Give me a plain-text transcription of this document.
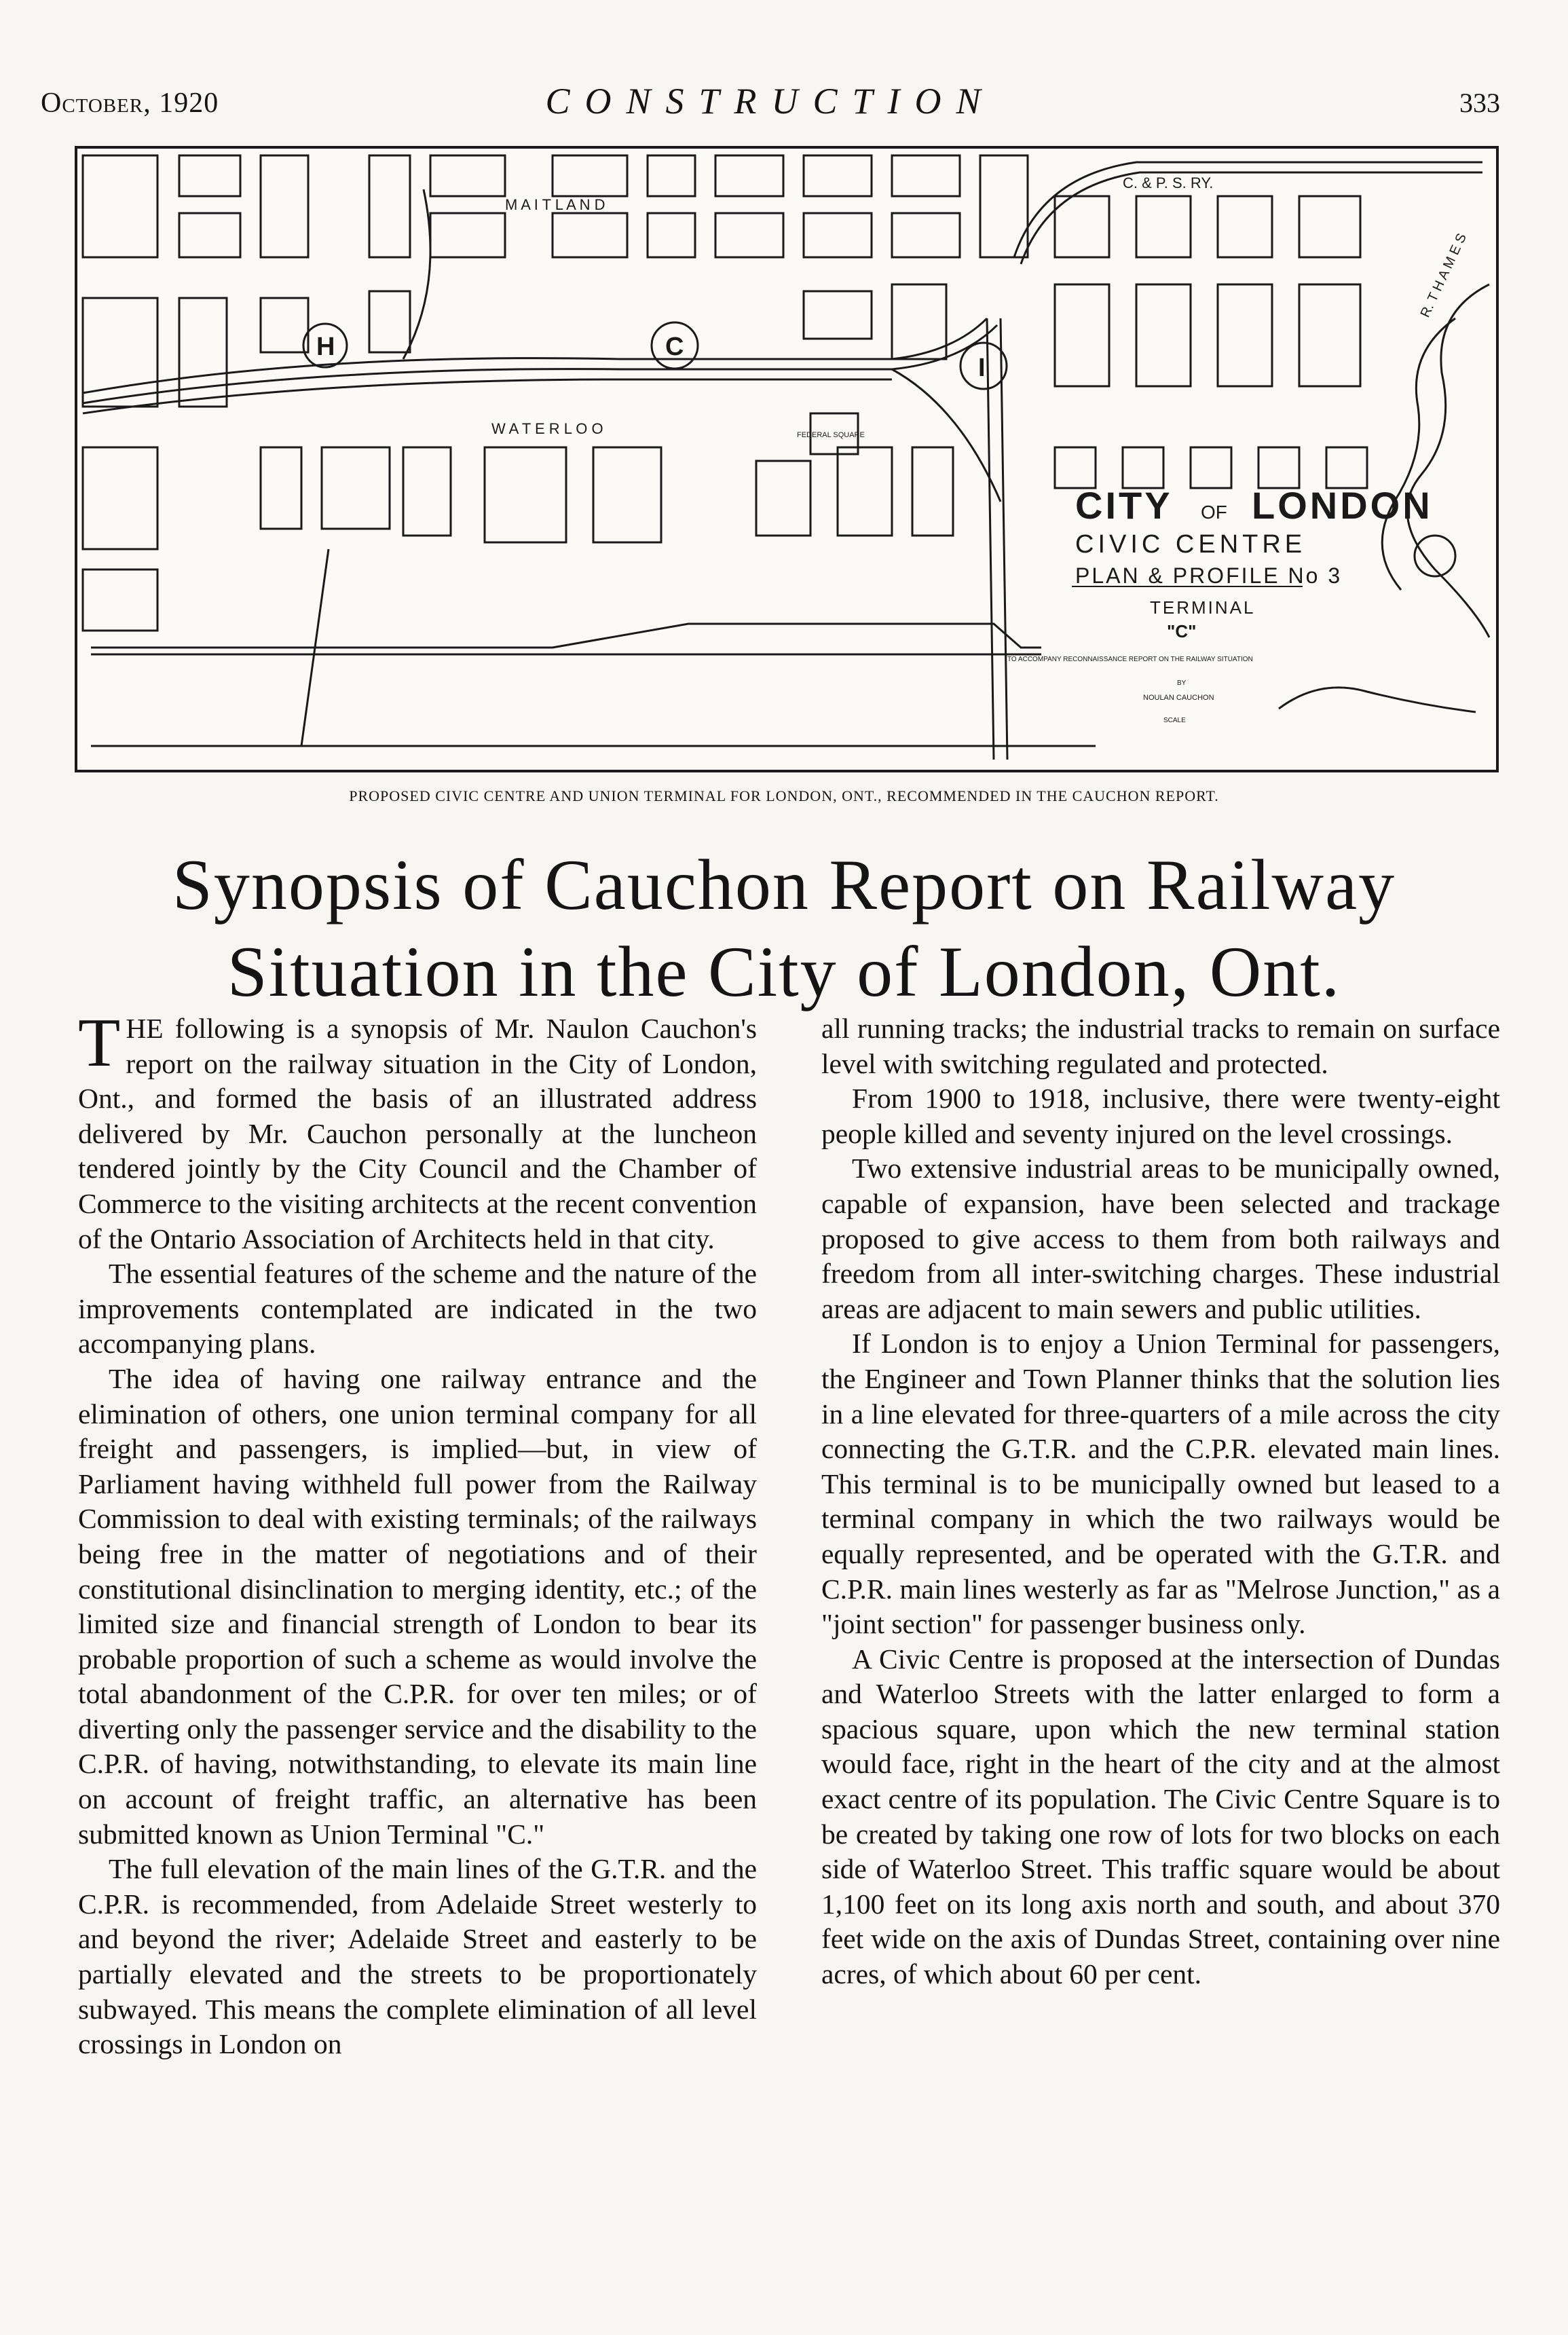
October, 1920	CONSTRUCTION	333
M A I T L A N D
W A T E R L O O
C. & P. S. RY.
R. T H A M E S
H	C
I
FEDERAL SQUARE
CITY OF LONDON
CIVIC CENTRE
PLAN & PROFILE No 3
TERMINAL
"C"
TO ACCOMPANY RECONNAISSANCE REPORT ON THE RAILWAY SITUATION
BY
NOULAN CAUCHON
SCALE
PROPOSED CIVIC CENTRE AND UNION TERMINAL FOR LONDON, ONT., RECOMMENDED IN THE CAUCHON REPORT.
Synopsis of Cauchon Report on Railway
Situation in the City of London, Ont.

THE following is a synopsis of Mr. Naulon Cauchon's report on the railway situation in the City of London, Ont., and formed the basis of an illustrated address delivered by Mr. Cauchon personally at the luncheon tendered jointly by the City Council and the Chamber of Commerce to the visiting architects at the recent convention of the Ontario Association of Architects held in that city.

The essential features of the scheme and the nature of the improvements contemplated are indicated in the two accompanying plans.

The idea of having one railway entrance and the elimination of others, one union terminal company for all freight and passengers, is implied—but, in view of Parliament having withheld full power from the Railway Commission to deal with existing terminals; of the railways being free in the matter of negotiations and of their constitutional disinclination to merging identity, etc.; of the limited size and financial strength of London to bear its probable proportion of such a scheme as would involve the total abandonment of the C.P.R. for over ten miles; or of diverting only the passenger service and the disability to the C.P.R. of having, notwithstanding, to elevate its main line on account of freight traffic, an alternative has been submitted known as Union Terminal "C."

The full elevation of the main lines of the G.T.R. and the C.P.R. is recommended, from Adelaide Street westerly to and beyond the river; Adelaide Street and easterly to be partially elevated and the streets to be proportionately subwayed. This means the complete elimination of all level crossings in London on

all running tracks; the industrial tracks to remain on surface level with switching regulated and protected.

From 1900 to 1918, inclusive, there were twenty-eight people killed and seventy injured on the level crossings.

Two extensive industrial areas to be municipally owned, capable of expansion, have been selected and trackage proposed to give access to them from both railways and freedom from all inter-switching charges. These industrial areas are adjacent to main sewers and public utilities.

If London is to enjoy a Union Terminal for passengers, the Engineer and Town Planner thinks that the solution lies in a line elevated for three-quarters of a mile across the city connecting the G.T.R. and the C.P.R. elevated main lines. This terminal is to be municipally owned but leased to a terminal company in which the two railways would be equally represented, and be operated with the G.T.R. and C.P.R. main lines westerly as far as "Melrose Junction," as a "joint section" for passenger business only.

A Civic Centre is proposed at the intersection of Dundas and Waterloo Streets with the latter enlarged to form a spacious square, upon which the new terminal station would face, right in the heart of the city and at the almost exact centre of its population. The Civic Centre Square is to be created by taking one row of lots for two blocks on each side of Waterloo Street. This traffic square would be about 1,100 feet on its long axis north and south, and about 370 feet wide on the axis of Dundas Street, containing over nine acres, of which about 60 per cent.
